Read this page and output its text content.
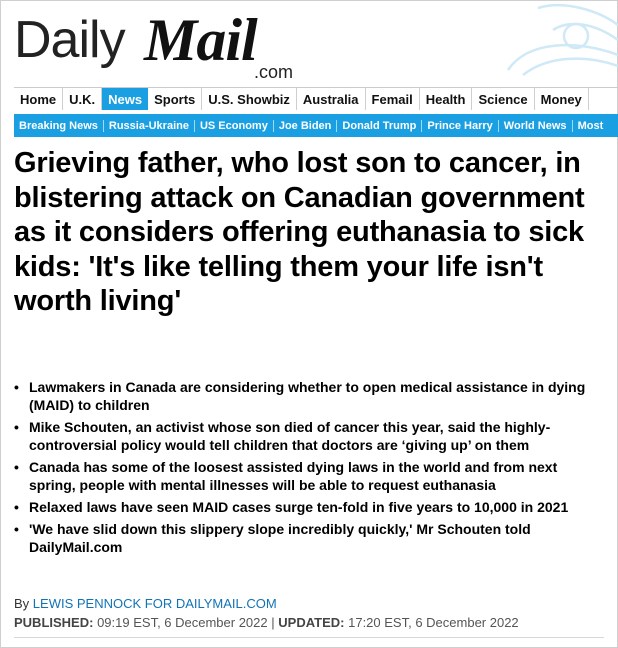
Daily Mail
.com
Home	U.K.	News Sports	U.S. Showbiz	Australia	Femail	Health	Science	Money
Breaking News	Russia-Ukraine	US Economy	Joe Biden	Donald Trump	Prince Harry	World News	Most
Grieving father, who lost son to cancer, in blistering attack on Canadian government as it considers offering euthanasia to sick kids: 'It's like telling them your life isn't worth living'
• Lawmakers in Canada are considering whether to open medical assistance in dying (MAID) to children
• Mike Schouten, an activist whose son died of cancer this year, said the highly-controversial policy would tell children that doctors are ‘giving up’ on them
• Canada has some of the loosest assisted dying laws in the world and from next spring, people with mental illnesses will be able to request euthanasia
• Relaxed laws have seen MAID cases surge ten-fold in five years to 10,000 in 2021
• 'We have slid down this slippery slope incredibly quickly,' Mr Schouten told DailyMail.com
By LEWIS PENNOCK FOR DAILYMAIL.COM
PUBLISHED: 09:19 EST, 6 December 2022 | UPDATED: 17:20 EST, 6 December 2022
